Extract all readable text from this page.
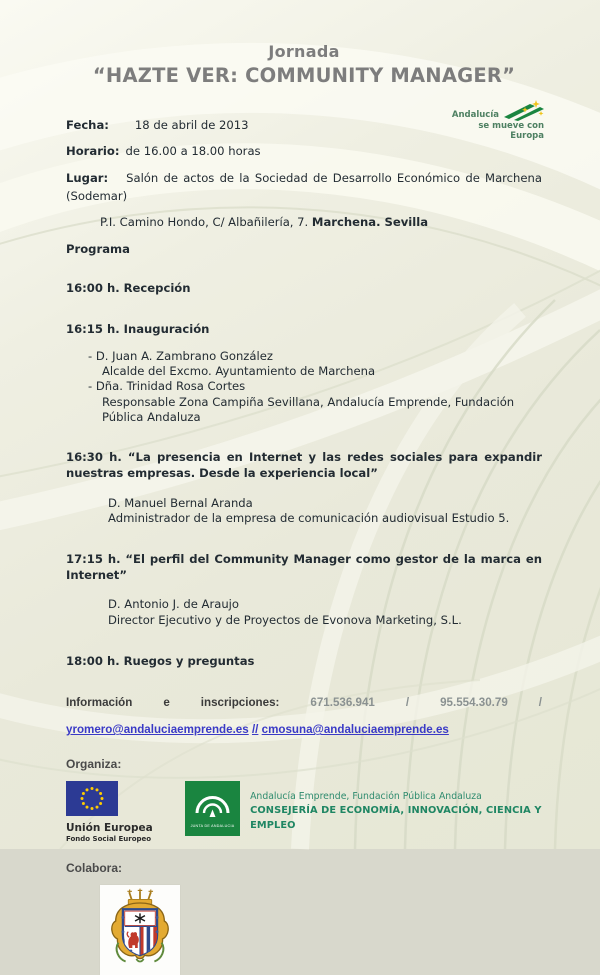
Andalucía
se mueve con Europa

Jornada

“HAZTE VER: COMMUNITY MANAGER”

Fecha: 18 de abril de 2013

Horario: de 16.00 a 18.00 horas

Lugar: Salón de actos de la Sociedad de Desarrollo Económico de Marchena (Sodemar)

P.I. Camino Hondo, C/ Albañilería, 7. Marchena. Sevilla

Programa

16:00 h. Recepción

16:15 h. Inauguración

- D. Juan A. Zambrano González

Alcalde del Excmo. Ayuntamiento de Marchena

- Dña. Trinidad Rosa Cortes

Responsable Zona Campiña Sevillana, Andalucía Emprende, Fundación Pública Andaluza

16:30 h. “La presencia en Internet y las redes sociales para expandir nuestras empresas. Desde la experiencia local”

D. Manuel Bernal Aranda

Administrador de la empresa de comunicación audiovisual Estudio 5.

17:15 h. “El perfil del Community Manager como gestor de la marca en Internet”

D. Antonio J. de Araujo

Director Ejecutivo y de Proyectos de Evonova Marketing, S.L.

18:00 h. Ruegos y preguntas

Información e inscripciones:	671.536.941 / 95.554.30.79 / yromero@andaluciaemprende.es // cmosuna@andaluciaemprende.es

Organiza:

Unión Europea
Fondo Social Europeo
JUNTA DE ANDALUCIA
Andalucía Emprende, Fundación Pública Andaluza
CONSEJERÍA DE ECONOMÍA, INNOVACIÓN, CIENCIA Y EMPLEO

Colabora:
